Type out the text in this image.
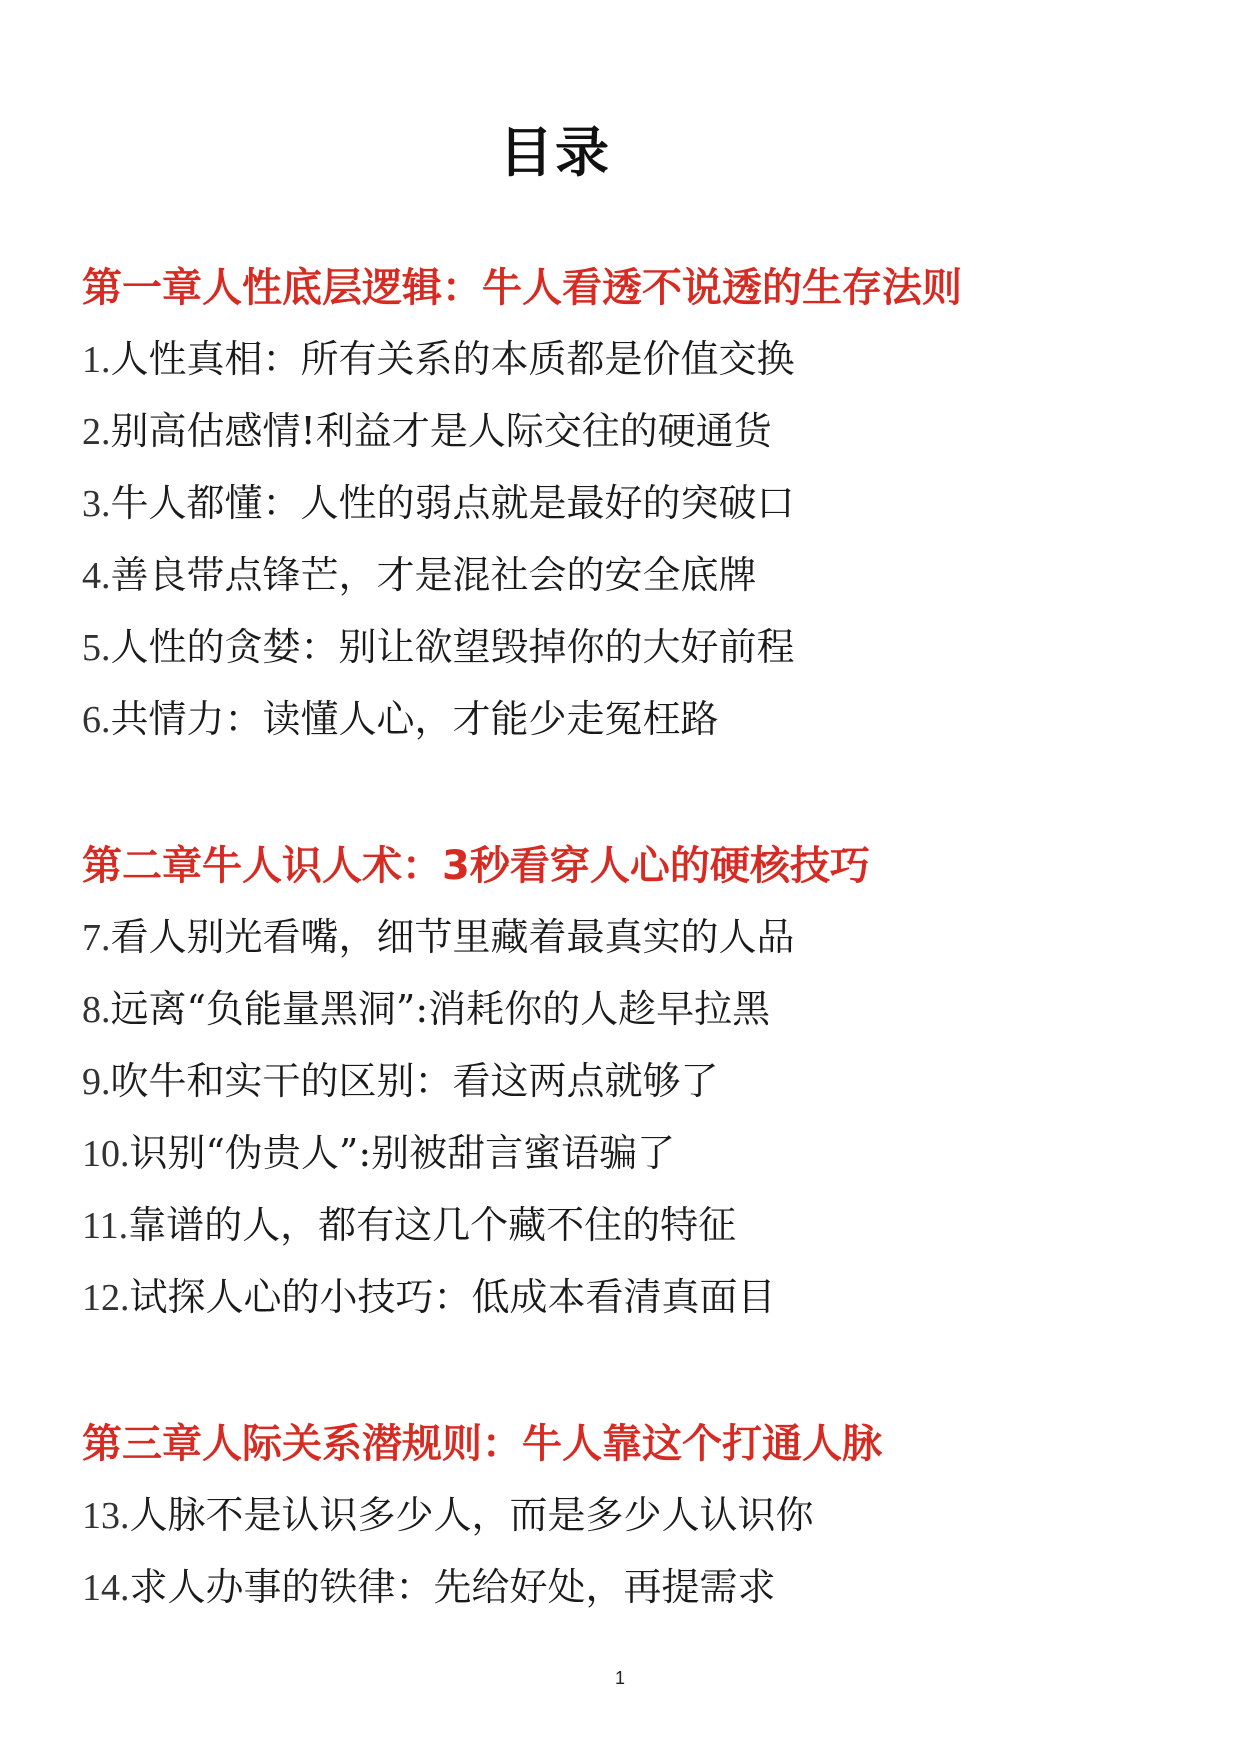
目录
第一章人性底层逻辑：牛人看透不说透的生存法则
1.人性真相：所有关系的本质都是价值交换
2.别高估感情!利益才是人际交往的硬通货
3.牛人都懂：人性的弱点就是最好的突破口
4.善良带点锋芒，才是混社会的安全底牌
5.人性的贪婪：别让欲望毁掉你的大好前程
6.共情力：读懂人心，才能少走冤枉路
第二章牛人识人术：3秒看穿人心的硬核技巧
7.看人别光看嘴，细节里藏着最真实的人品
8.远离“负能量黑洞”:消耗你的人趁早拉黑
9.吹牛和实干的区别：看这两点就够了
10.识别“伪贵人”:别被甜言蜜语骗了
11.靠谱的人，都有这几个藏不住的特征
12.试探人心的小技巧：低成本看清真面目
第三章人际关系潜规则：牛人靠这个打通人脉
13.人脉不是认识多少人，而是多少人认识你
14.求人办事的铁律：先给好处，再提需求
1
